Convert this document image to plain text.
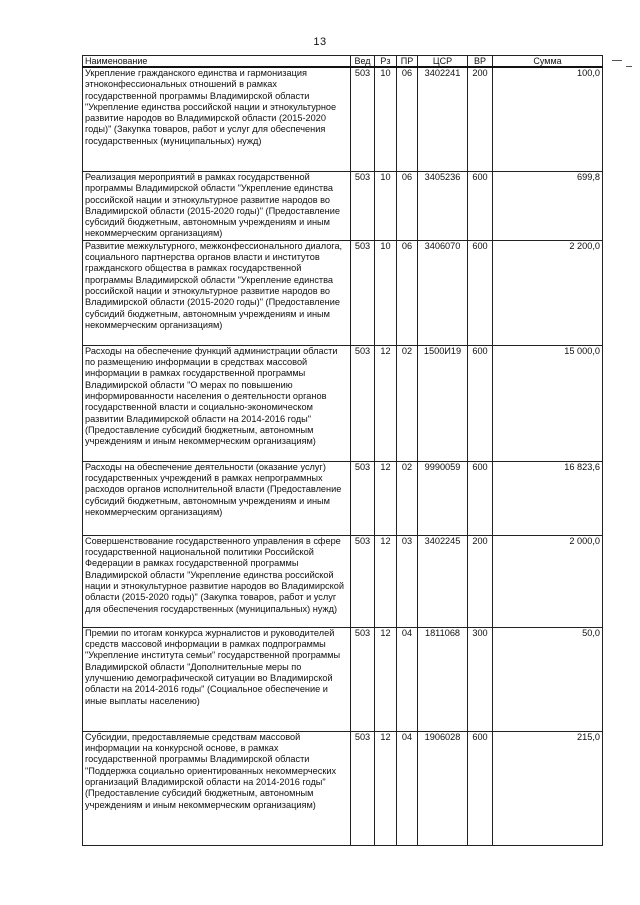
13
Наименование	Вед	Рз	ПР	ЦСР	ВР	Сумма
Укрепление гражданского единства и гармонизация этноконфессиональных отношений в рамках государственной программы Владимирской области "Укрепление единства российской нации и этнокультурное развитие народов во Владимирской области (2015-2020 годы)" (Закупка товаров, работ и услуг для обеспечения государственных (муниципальных) нужд)	503	10	06	3402241	200	100,0
Реализация мероприятий в рамках государственной программы Владимирской области "Укрепление единства российской нации и этнокультурное развитие народов во Владимирской области (2015-2020 годы)" (Предоставление субсидий бюджетным, автономным учреждениям и иным некоммерческим организациям)	503	10	06	3405236	600	699,8
Развитие межкультурного, межконфессионального диалога, социального партнерства органов власти и институтов гражданского общества в рамках государственной программы Владимирской области "Укрепление единства российской нации и этнокультурное развитие народов во Владимирской области (2015-2020 годы)" (Предоставление субсидий бюджетным, автономным учреждениям и иным некоммерческим организациям)	503	10	06	3406070	600	2 200,0
Расходы на обеспечение функций администрации области по размещению информации в средствах массовой информации в рамках государственной программы Владимирской области "О мерах по повышению информированности населения о деятельности органов государственной власти и социально-экономическом развитии Владимирской области на 2014-2016 годы" (Предоставление субсидий бюджетным, автономным учреждениям и иным некоммерческим организациям)	503	12	02	1500И19	600	15 000,0
Расходы на обеспечение деятельности (оказание услуг) государственных учреждений в рамках непрограммных расходов органов исполнительной власти (Предоставление субсидий бюджетным, автономным учреждениям и иным некоммерческим организациям)	503	12	02	9990059	600	16 823,6
Совершенствование государственного управления в сфере государственной национальной политики Российской Федерации в рамках государственной программы Владимирской области "Укрепление единства российской нации и этнокультурное развитие народов во Владимирской области (2015-2020 годы)" (Закупка товаров, работ и услуг для обеспечения государственных (муниципальных) нужд)	503	12	03	3402245	200	2 000,0
Премии по итогам конкурса журналистов и руководителей средств массовой информации в рамках подпрограммы "Укрепление института семьи" государственной программы Владимирской области "Дополнительные меры по улучшению демографической ситуации во Владимирской области на 2014-2016 годы" (Социальное обеспечение и иные выплаты населению)	503	12	04	1811068	300	50,0
Субсидии, предоставляемые средствам массовой информации на конкурсной основе, в рамках государственной программы Владимирской области "Поддержка социально ориентированных некоммерческих организаций Владимирской области на 2014-2016 годы" (Предоставление субсидий бюджетным, автономным учреждениям и иным некоммерческим организациям)	503	12	04	1906028	600	215,0
